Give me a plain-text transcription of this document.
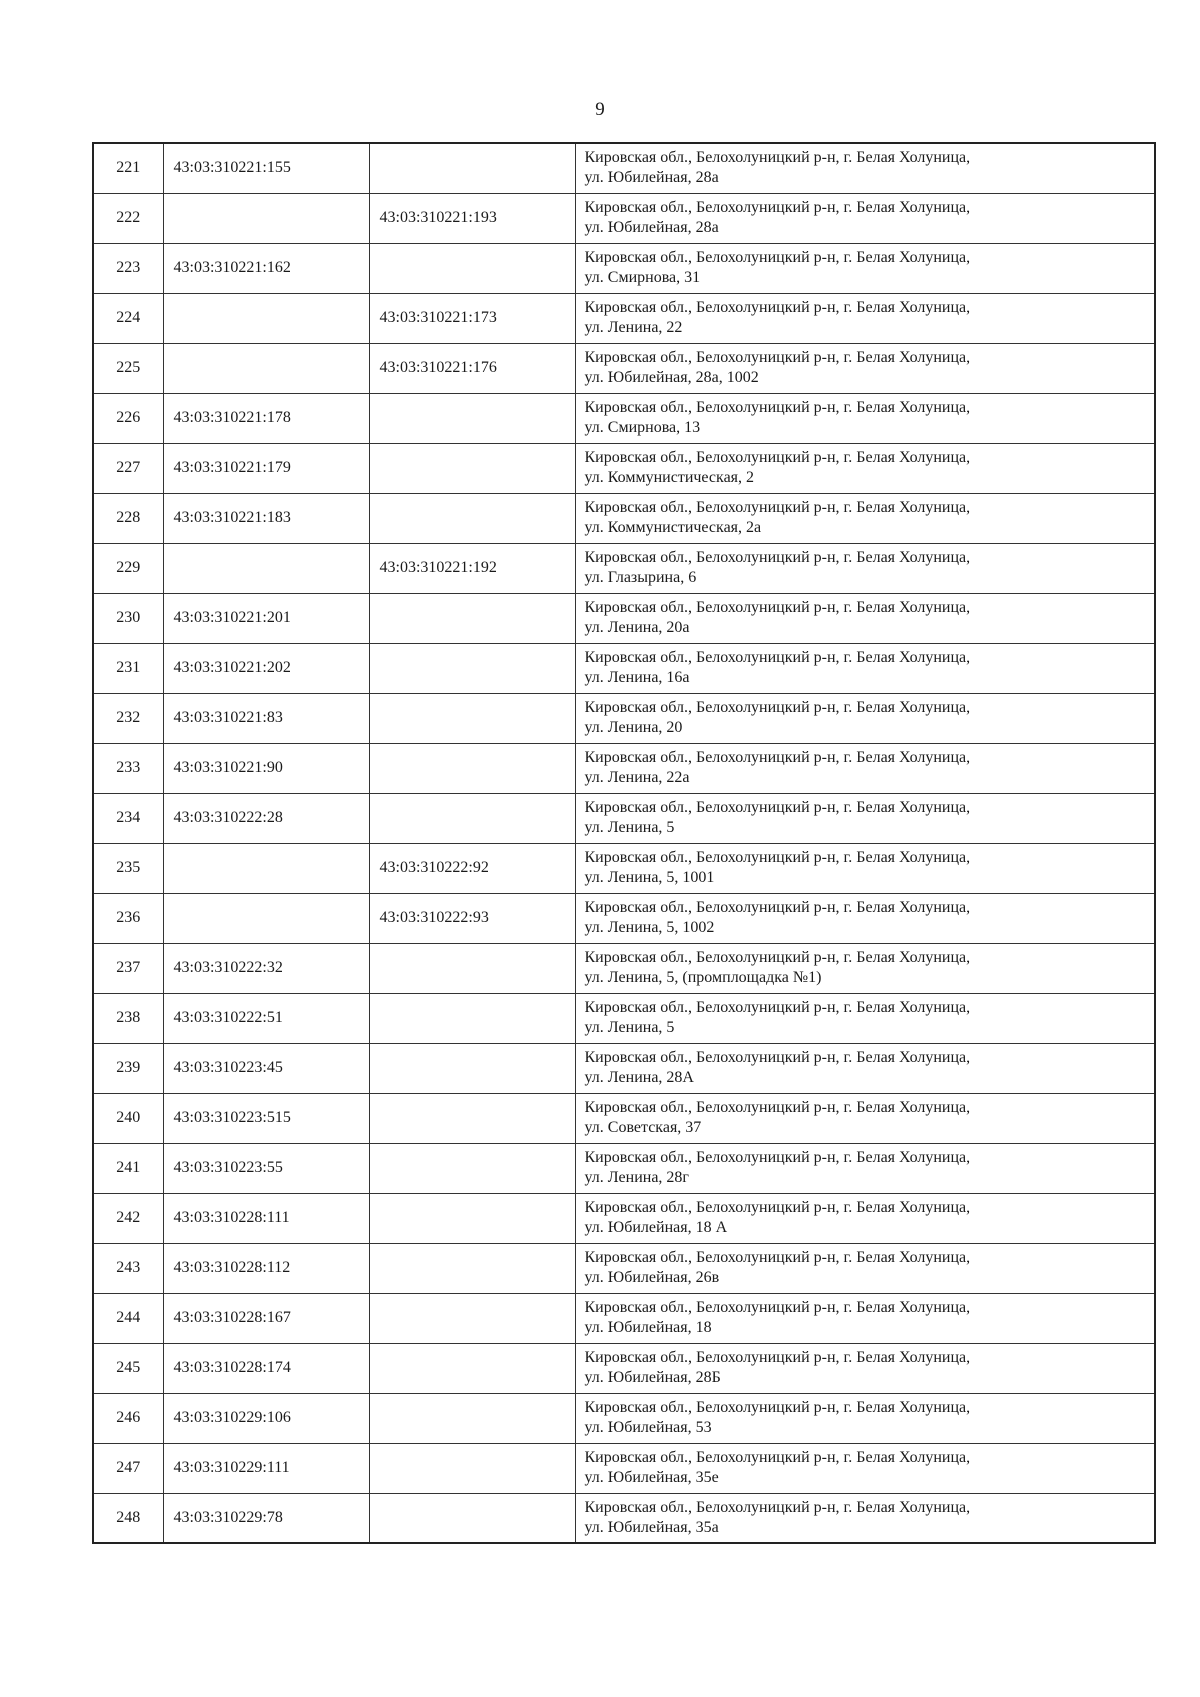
9
221	43:03:310221:155		Кировская обл., Белохолуницкий р-н, г. Белая Холуница,
ул. Юбилейная, 28а

222		43:03:310221:193	Кировская обл., Белохолуницкий р-н, г. Белая Холуница,
ул. Юбилейная, 28а

223	43:03:310221:162		Кировская обл., Белохолуницкий р-н, г. Белая Холуница,
ул. Смирнова, 31

224		43:03:310221:173	Кировская обл., Белохолуницкий р-н, г. Белая Холуница,
ул. Ленина, 22

225		43:03:310221:176	Кировская обл., Белохолуницкий р-н, г. Белая Холуница,
ул. Юбилейная, 28а, 1002

226	43:03:310221:178		Кировская обл., Белохолуницкий р-н, г. Белая Холуница,
ул. Смирнова, 13

227	43:03:310221:179		Кировская обл., Белохолуницкий р-н, г. Белая Холуница,
ул. Коммунистическая, 2

228	43:03:310221:183		Кировская обл., Белохолуницкий р-н, г. Белая Холуница,
ул. Коммунистическая, 2а

229		43:03:310221:192	Кировская обл., Белохолуницкий р-н, г. Белая Холуница,
ул. Глазырина, 6

230	43:03:310221:201		Кировская обл., Белохолуницкий р-н, г. Белая Холуница,
ул. Ленина, 20а

231	43:03:310221:202		Кировская обл., Белохолуницкий р-н, г. Белая Холуница,
ул. Ленина, 16а

232	43:03:310221:83		Кировская обл., Белохолуницкий р-н, г. Белая Холуница,
ул. Ленина, 20

233	43:03:310221:90		Кировская обл., Белохолуницкий р-н, г. Белая Холуница,
ул. Ленина, 22а

234	43:03:310222:28		Кировская обл., Белохолуницкий р-н, г. Белая Холуница,
ул. Ленина, 5

235		43:03:310222:92	Кировская обл., Белохолуницкий р-н, г. Белая Холуница,
ул. Ленина, 5, 1001

236		43:03:310222:93	Кировская обл., Белохолуницкий р-н, г. Белая Холуница,
ул. Ленина, 5, 1002

237	43:03:310222:32		Кировская обл., Белохолуницкий р-н, г. Белая Холуница,
ул. Ленина, 5, (промплощадка №1)

238	43:03:310222:51		Кировская обл., Белохолуницкий р-н, г. Белая Холуница,
ул. Ленина, 5

239	43:03:310223:45		Кировская обл., Белохолуницкий р-н, г. Белая Холуница,
ул. Ленина, 28А

240	43:03:310223:515		Кировская обл., Белохолуницкий р-н, г. Белая Холуница,
ул. Советская, 37

241	43:03:310223:55		Кировская обл., Белохолуницкий р-н, г. Белая Холуница,
ул. Ленина, 28г

242	43:03:310228:111		Кировская обл., Белохолуницкий р-н, г. Белая Холуница,
ул. Юбилейная, 18 А

243	43:03:310228:112		Кировская обл., Белохолуницкий р-н, г. Белая Холуница,
ул. Юбилейная, 26в

244	43:03:310228:167		Кировская обл., Белохолуницкий р-н, г. Белая Холуница,
ул. Юбилейная, 18

245	43:03:310228:174		Кировская обл., Белохолуницкий р-н, г. Белая Холуница,
ул. Юбилейная, 28Б

246	43:03:310229:106		Кировская обл., Белохолуницкий р-н, г. Белая Холуница,
ул. Юбилейная, 53

247	43:03:310229:111		Кировская обл., Белохолуницкий р-н, г. Белая Холуница,
ул. Юбилейная, 35е

248	43:03:310229:78		Кировская обл., Белохолуницкий р-н, г. Белая Холуница,
ул. Юбилейная, 35а
